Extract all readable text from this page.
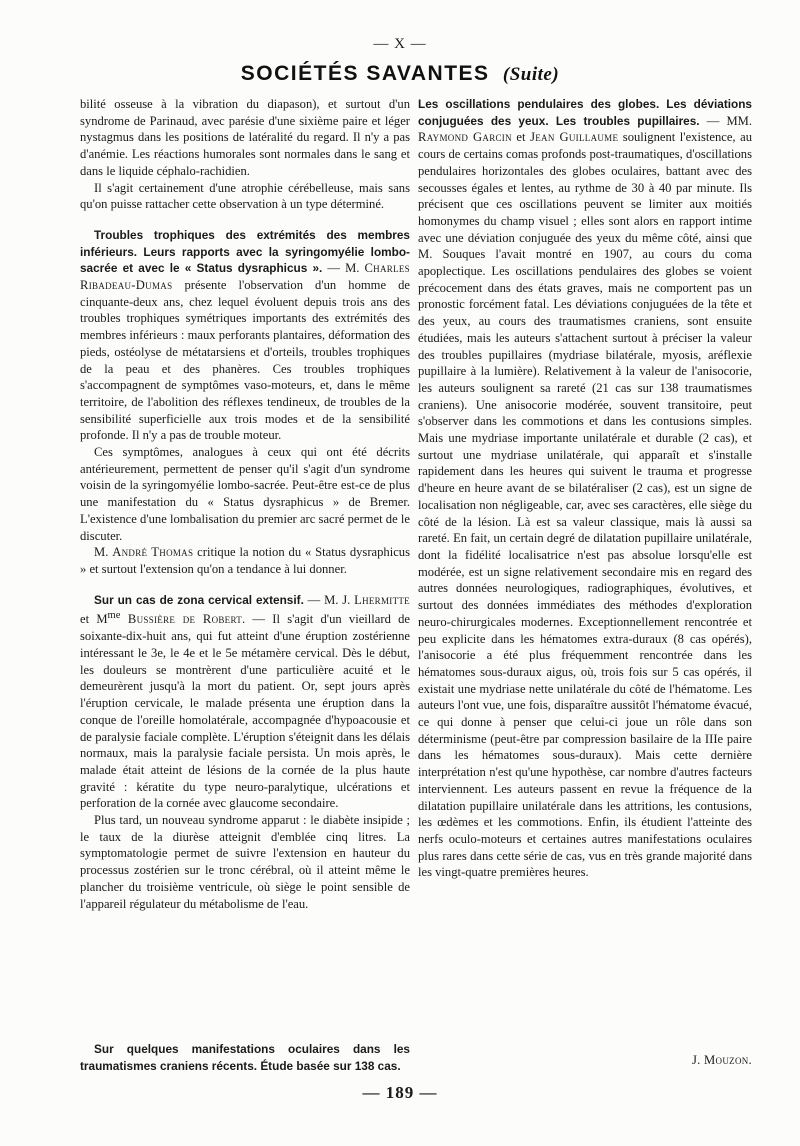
— X —
SOCIÉTÉS SAVANTES (Suite)

bilité osseuse à la vibration du diapason), et surtout d'un syndrome de Parinaud, avec parésie d'une sixième paire et léger nystagmus dans les positions de latéralité du regard. Il n'y a pas d'anémie. Les réactions humorales sont normales dans le sang et dans le liquide céphalo-rachidien.

Il s'agit certainement d'une atrophie cérébelleuse, mais sans qu'on puisse rattacher cette observation à un type déterminé.

Troubles trophiques des extrémités des membres inférieurs. Leurs rapports avec la syringomyélie lombo-sacrée et avec le « Status dysraphicus ». — M. Charles Ribadeau-Dumas présente l'observation d'un homme de cinquante-deux ans, chez lequel évoluent depuis trois ans des troubles trophiques symétriques importants des extrémités des membres inférieurs : maux perforants plantaires, déformation des pieds, ostéolyse de métatarsiens et d'orteils, troubles trophiques de la peau et des phanères. Ces troubles trophiques s'accompagnent de symptômes vaso-moteurs, et, dans le même territoire, de l'abolition des réflexes tendineux, de troubles de la sensibilité superficielle aux trois modes et de la sensibilité profonde. Il n'y a pas de trouble moteur.

Ces symptômes, analogues à ceux qui ont été décrits antérieurement, permettent de penser qu'il s'agit d'un syndrome voisin de la syringomyélie lombo-sacrée. Peut-être est-ce de plus une manifestation du « Status dysraphicus » de Bremer. L'existence d'une lombalisation du premier arc sacré permet de le discuter.

M. André Thomas critique la notion du « Status dysraphicus » et surtout l'extension qu'on a tendance à lui donner.

Sur un cas de zona cervical extensif. — M. J. Lhermitte et $M^{me}$ Bussière de Robert. — Il s'agit d'un vieillard de soixante-dix-huit ans, qui fut atteint d'une éruption zostérienne intéressant le 3e, le 4e et le 5e métamère cervical. Dès le début, les douleurs se montrèrent d'une particulière acuité et le demeurèrent jusqu'à la mort du patient. Or, sept jours après l'éruption cervicale, le malade présenta une éruption dans la conque de l'oreille homolatérale, accompagnée d'hypoacousie et de paralysie faciale complète. L'éruption s'éteignit dans les délais normaux, mais la paralysie faciale persista. Un mois après, le malade était atteint de lésions de la cornée de la plus haute gravité : kératite du type neuro-paralytique, ulcérations et perforation de la cornée avec glaucome secondaire.

Plus tard, un nouveau syndrome apparut : le diabète insipide ; le taux de la diurèse atteignit d'emblée cinq litres. La symptomatologie permet de suivre l'extension en hauteur du processus zostérien sur le tronc cérébral, où il atteint même le plancher du troisième ventricule, où siège le point sensible de l'appareil régulateur du métabolisme de l'eau.

Sur quelques manifestations oculaires dans les traumatismes craniens récents. Étude basée sur 138 cas.

Les oscillations pendulaires des globes. Les déviations conjuguées des yeux. Les troubles pupillaires. — MM. Raymond Garcin et Jean Guillaume soulignent l'existence, au cours de certains comas profonds post-traumatiques, d'oscillations pendulaires horizontales des globes oculaires, battant avec des secousses égales et lentes, au rythme de 30 à 40 par minute. Ils précisent que ces oscillations peuvent se limiter aux moitiés homonymes du champ visuel ; elles sont alors en rapport intime avec une déviation conjuguée des yeux du même côté, ainsi que M. Souques l'avait montré en 1907, au cours du coma apoplectique. Les oscillations pendulaires des globes se voient précocement dans des états graves, mais ne comportent pas un pronostic forcément fatal. Les déviations conjuguées de la tête et des yeux, au cours des traumatismes craniens, sont ensuite étudiées, mais les auteurs s'attachent surtout à préciser la valeur des troubles pupillaires (mydriase bilatérale, myosis, aréflexie pupillaire à la lumière). Relativement à la valeur de l'anisocorie, les auteurs soulignent sa rareté (21 cas sur 138 traumatismes craniens). Une anisocorie modérée, souvent transitoire, peut s'observer dans les commotions et dans les contusions simples. Mais une mydriase importante unilatérale et durable (2 cas), et surtout une mydriase unilatérale, qui apparaît et s'installe rapidement dans les heures qui suivent le trauma et progresse d'heure en heure avant de se bilatéraliser (2 cas), est un signe de localisation non négligeable, car, avec ses caractères, elle siège du côté de la lésion. Là est sa valeur classique, mais là aussi sa rareté. En fait, un certain degré de dilatation pupillaire unilatérale, dont la fidélité localisatrice n'est pas absolue lorsqu'elle est modérée, est un signe relativement secondaire mis en regard des autres données neurologiques, radiographiques, évolutives, et surtout des données immédiates des méthodes d'exploration neuro-chirurgicales modernes. Exceptionnellement rencontrée et peu explicite dans les hématomes extra-duraux (8 cas opérés), l'anisocorie a été plus fréquemment rencontrée dans les hématomes sous-duraux aigus, où, trois fois sur 5 cas opérés, il existait une mydriase nette unilatérale du côté de l'hématome. Les auteurs l'ont vue, une fois, disparaître aussitôt l'hématome évacué, ce qui donne à penser que celui-ci joue un rôle dans son déterminisme (peut-être par compression basilaire de la IIIe paire dans les hématomes sous-duraux). Mais cette dernière interprétation n'est qu'une hypothèse, car nombre d'autres facteurs interviennent. Les auteurs passent en revue la fréquence de la dilatation pupillaire unilatérale dans les attritions, les contusions, les œdèmes et les commotions. Enfin, ils étudient l'atteinte des nerfs oculo-moteurs et certaines autres manifestations oculaires plus rares dans cette série de cas, vus en très grande majorité dans les vingt-quatre premières heures.

J. Mouzon.
— 189 —
